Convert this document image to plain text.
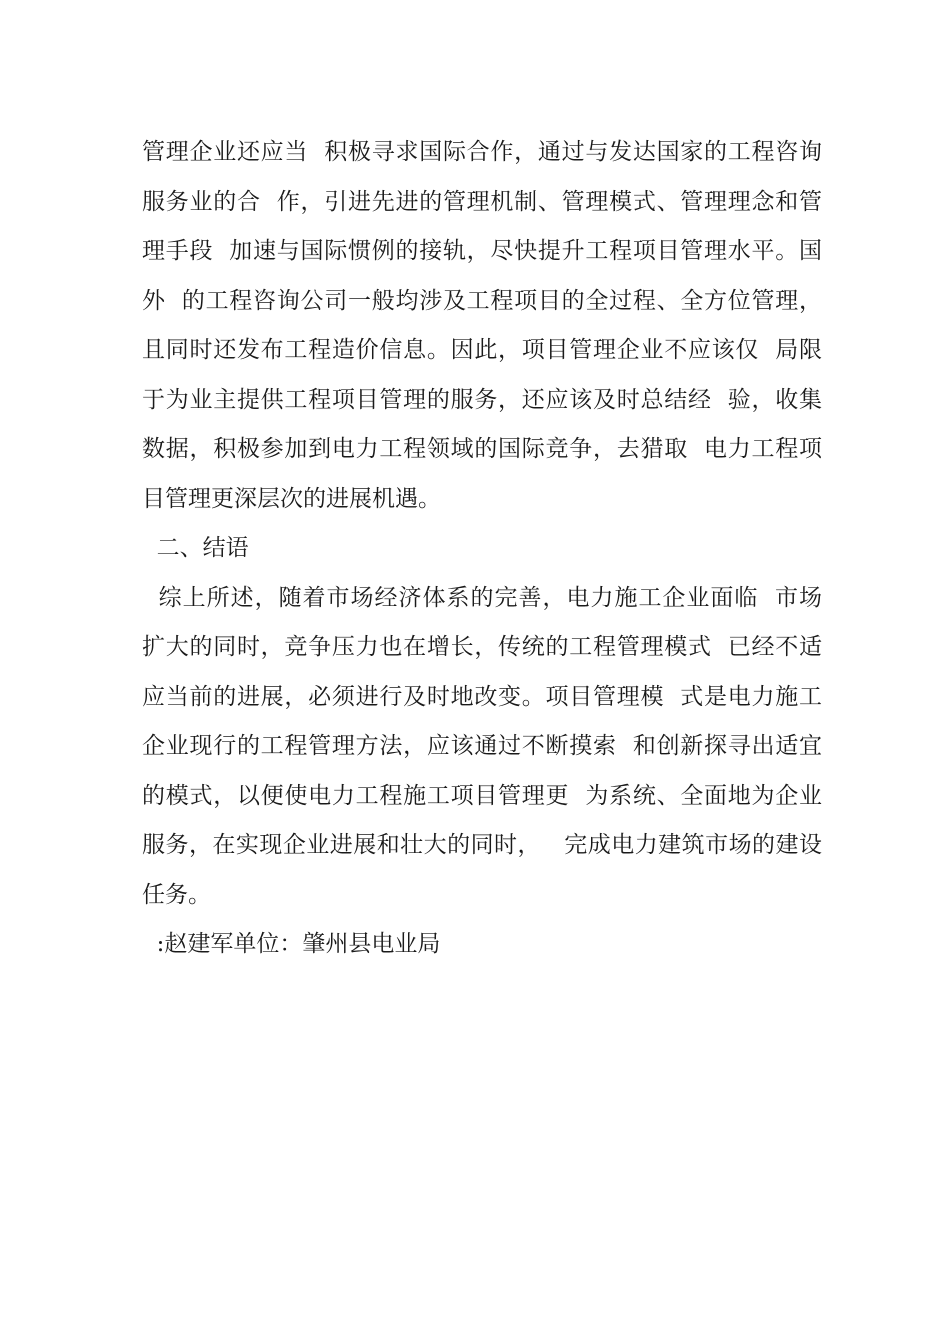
管理企业还应当  积极寻求国际合作，通过与发达国家的工程咨询
服务业的合  作，引进先进的管理机制、管理模式、管理理念和管
理手段  加速与国际惯例的接轨，尽快提升工程项目管理水平。国
外  的工程咨询公司一般均涉及工程项目的全过程、全方位管理，
且同时还发布工程造价信息。因此，项目管理企业不应该仅  局限
于为业主提供工程项目管理的服务，还应该及时总结经  验，收集
数据，积极参加到电力工程领域的国际竞争，去猎取  电力工程项
目管理更深层次的进展机遇。
二、结语
综上所述，随着市场经济体系的完善，电力施工企业面临  市场
扩大的同时，竞争压力也在增长，传统的工程管理模式  已经不适
应当前的进展，必须进行及时地改变。项目管理模  式是电力施工
企业现行的工程管理方法，应该通过不断摸索  和创新探寻出适宜
的模式，以便使电力工程施工项目管理更  为系统、全面地为企业
服务，在实现企业进展和壮大的同时，   完成电力建筑市场的建设
任务。
:赵建军单位：肇州县电业局
